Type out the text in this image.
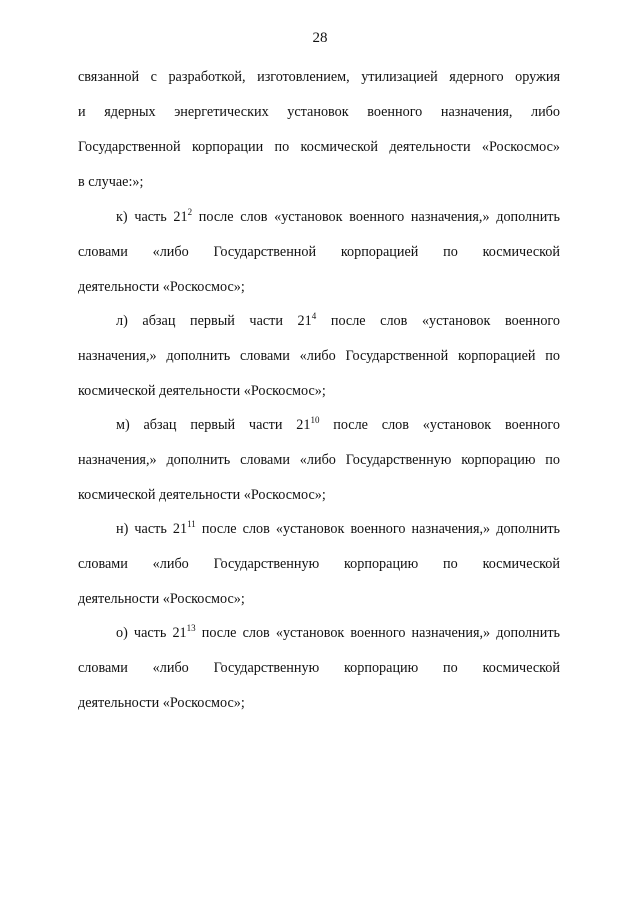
28
связанной с разработкой, изготовлением, утилизацией ядерного оружия
и ядерных энергетических установок военного назначения, либо
Государственной корпорации по космической деятельности «Роскосмос»
в случае:»;
к) часть $21^2$ после слов «установок военного назначения,» дополнить
словами «либо Государственной корпорацией по космической
деятельности «Роскосмос»;
л) абзац первый части $21^4$ после слов «установок военного
назначения,» дополнить словами «либо Государственной корпорацией по
космической деятельности «Роскосмос»;
м) абзац первый части $21^{10}$ после слов «установок военного
назначения,» дополнить словами «либо Государственную корпорацию по
космической деятельности «Роскосмос»;
н) часть $21^{11}$ после слов «установок военного назначения,» дополнить
словами «либо Государственную корпорацию по космической
деятельности «Роскосмос»;
о) часть $21^{13}$ после слов «установок военного назначения,» дополнить
словами «либо Государственную корпорацию по космической
деятельности «Роскосмос»;
